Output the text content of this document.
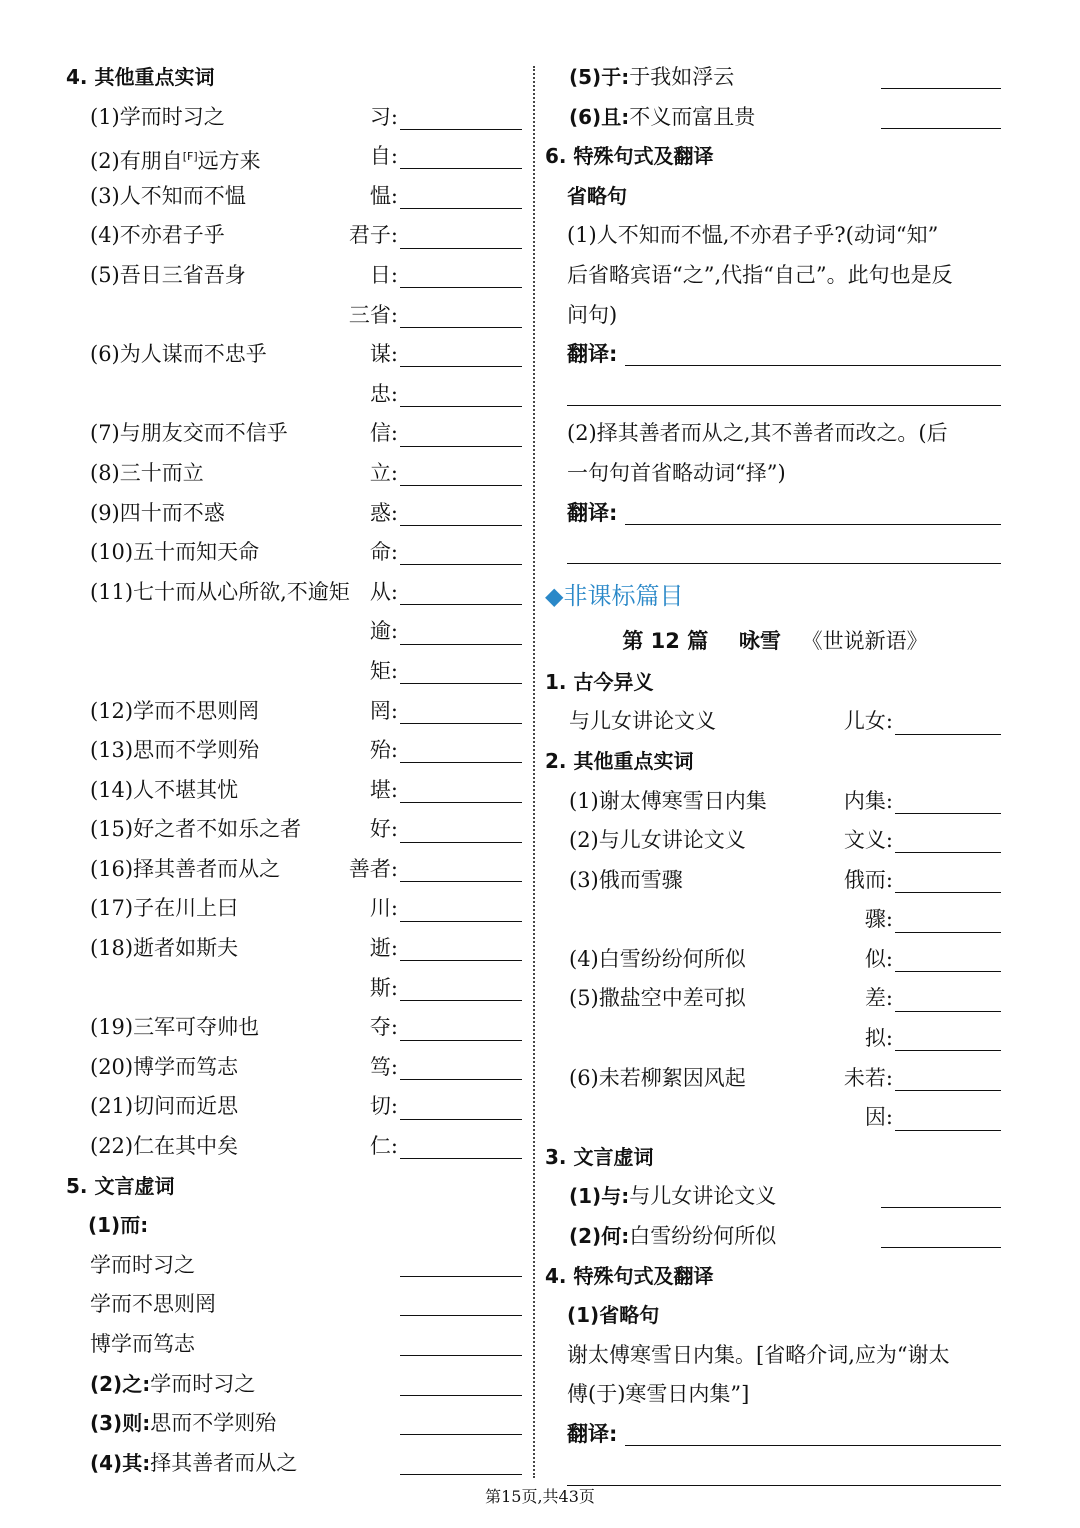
4. 其他重点实词
(1)学而时习之	习:
(2)有朋自[F]远方来	自:
(3)人不知而不愠	愠:
(4)不亦君子乎	君子:
(5)吾日三省吾身	日:
三省:
(6)为人谋而不忠乎	谋:
忠:
(7)与朋友交而不信乎	信:
(8)三十而立	立:
(9)四十而不惑	惑:
(10)五十而知天命	命:
(11)七十而从心所欲,不逾矩 从:
逾:
矩:
(12)学而不思则罔	罔:
(13)思而不学则殆	殆:
(14)人不堪其忧	堪:
(15)好之者不如乐之者	好:
(16)择其善者而从之	善者:
(17)子在川上曰	川:
(18)逝者如斯夫	逝:
斯:
(19)三军可夺帅也	夺:
(20)博学而笃志	笃:
(21)切问而近思	切:
(22)仁在其中矣	仁:
5. 文言虚词
(1)而:
学而时习之
学而不思则罔
博学而笃志
(2)之:学而时习之
(3)则:思而不学则殆
(4)其:择其善者而从之
(5)于:于我如浮云
(6)且:不义而富且贵
6. 特殊句式及翻译
省略句
(1)人不知而不愠,不亦君子乎?(动词“知”
后省略宾语“之”,代指“自己”。此句也是反
问句)
翻译:
(2)择其善者而从之,其不善者而改之。(后
一句句首省略动词“择”)
翻译:
◆非课标篇目
第 12 篇 咏雪 《世说新语》
1. 古今异义
与儿女讲论文义	儿女:
2. 其他重点实词
(1)谢太傅寒雪日内集	内集:
(2)与儿女讲论文义	文义:
(3)俄而雪骤	俄而:
骤:
(4)白雪纷纷何所似	似:
(5)撒盐空中差可拟	差:
拟:
(6)未若柳絮因风起	未若:
因:
3. 文言虚词
(1)与:与儿女讲论文义
(2)何:白雪纷纷何所似
4. 特殊句式及翻译
(1)省略句
谢太傅寒雪日内集。[省略介词,应为“谢太
傅(于)寒雪日内集”]
翻译:
第15页,共43页
